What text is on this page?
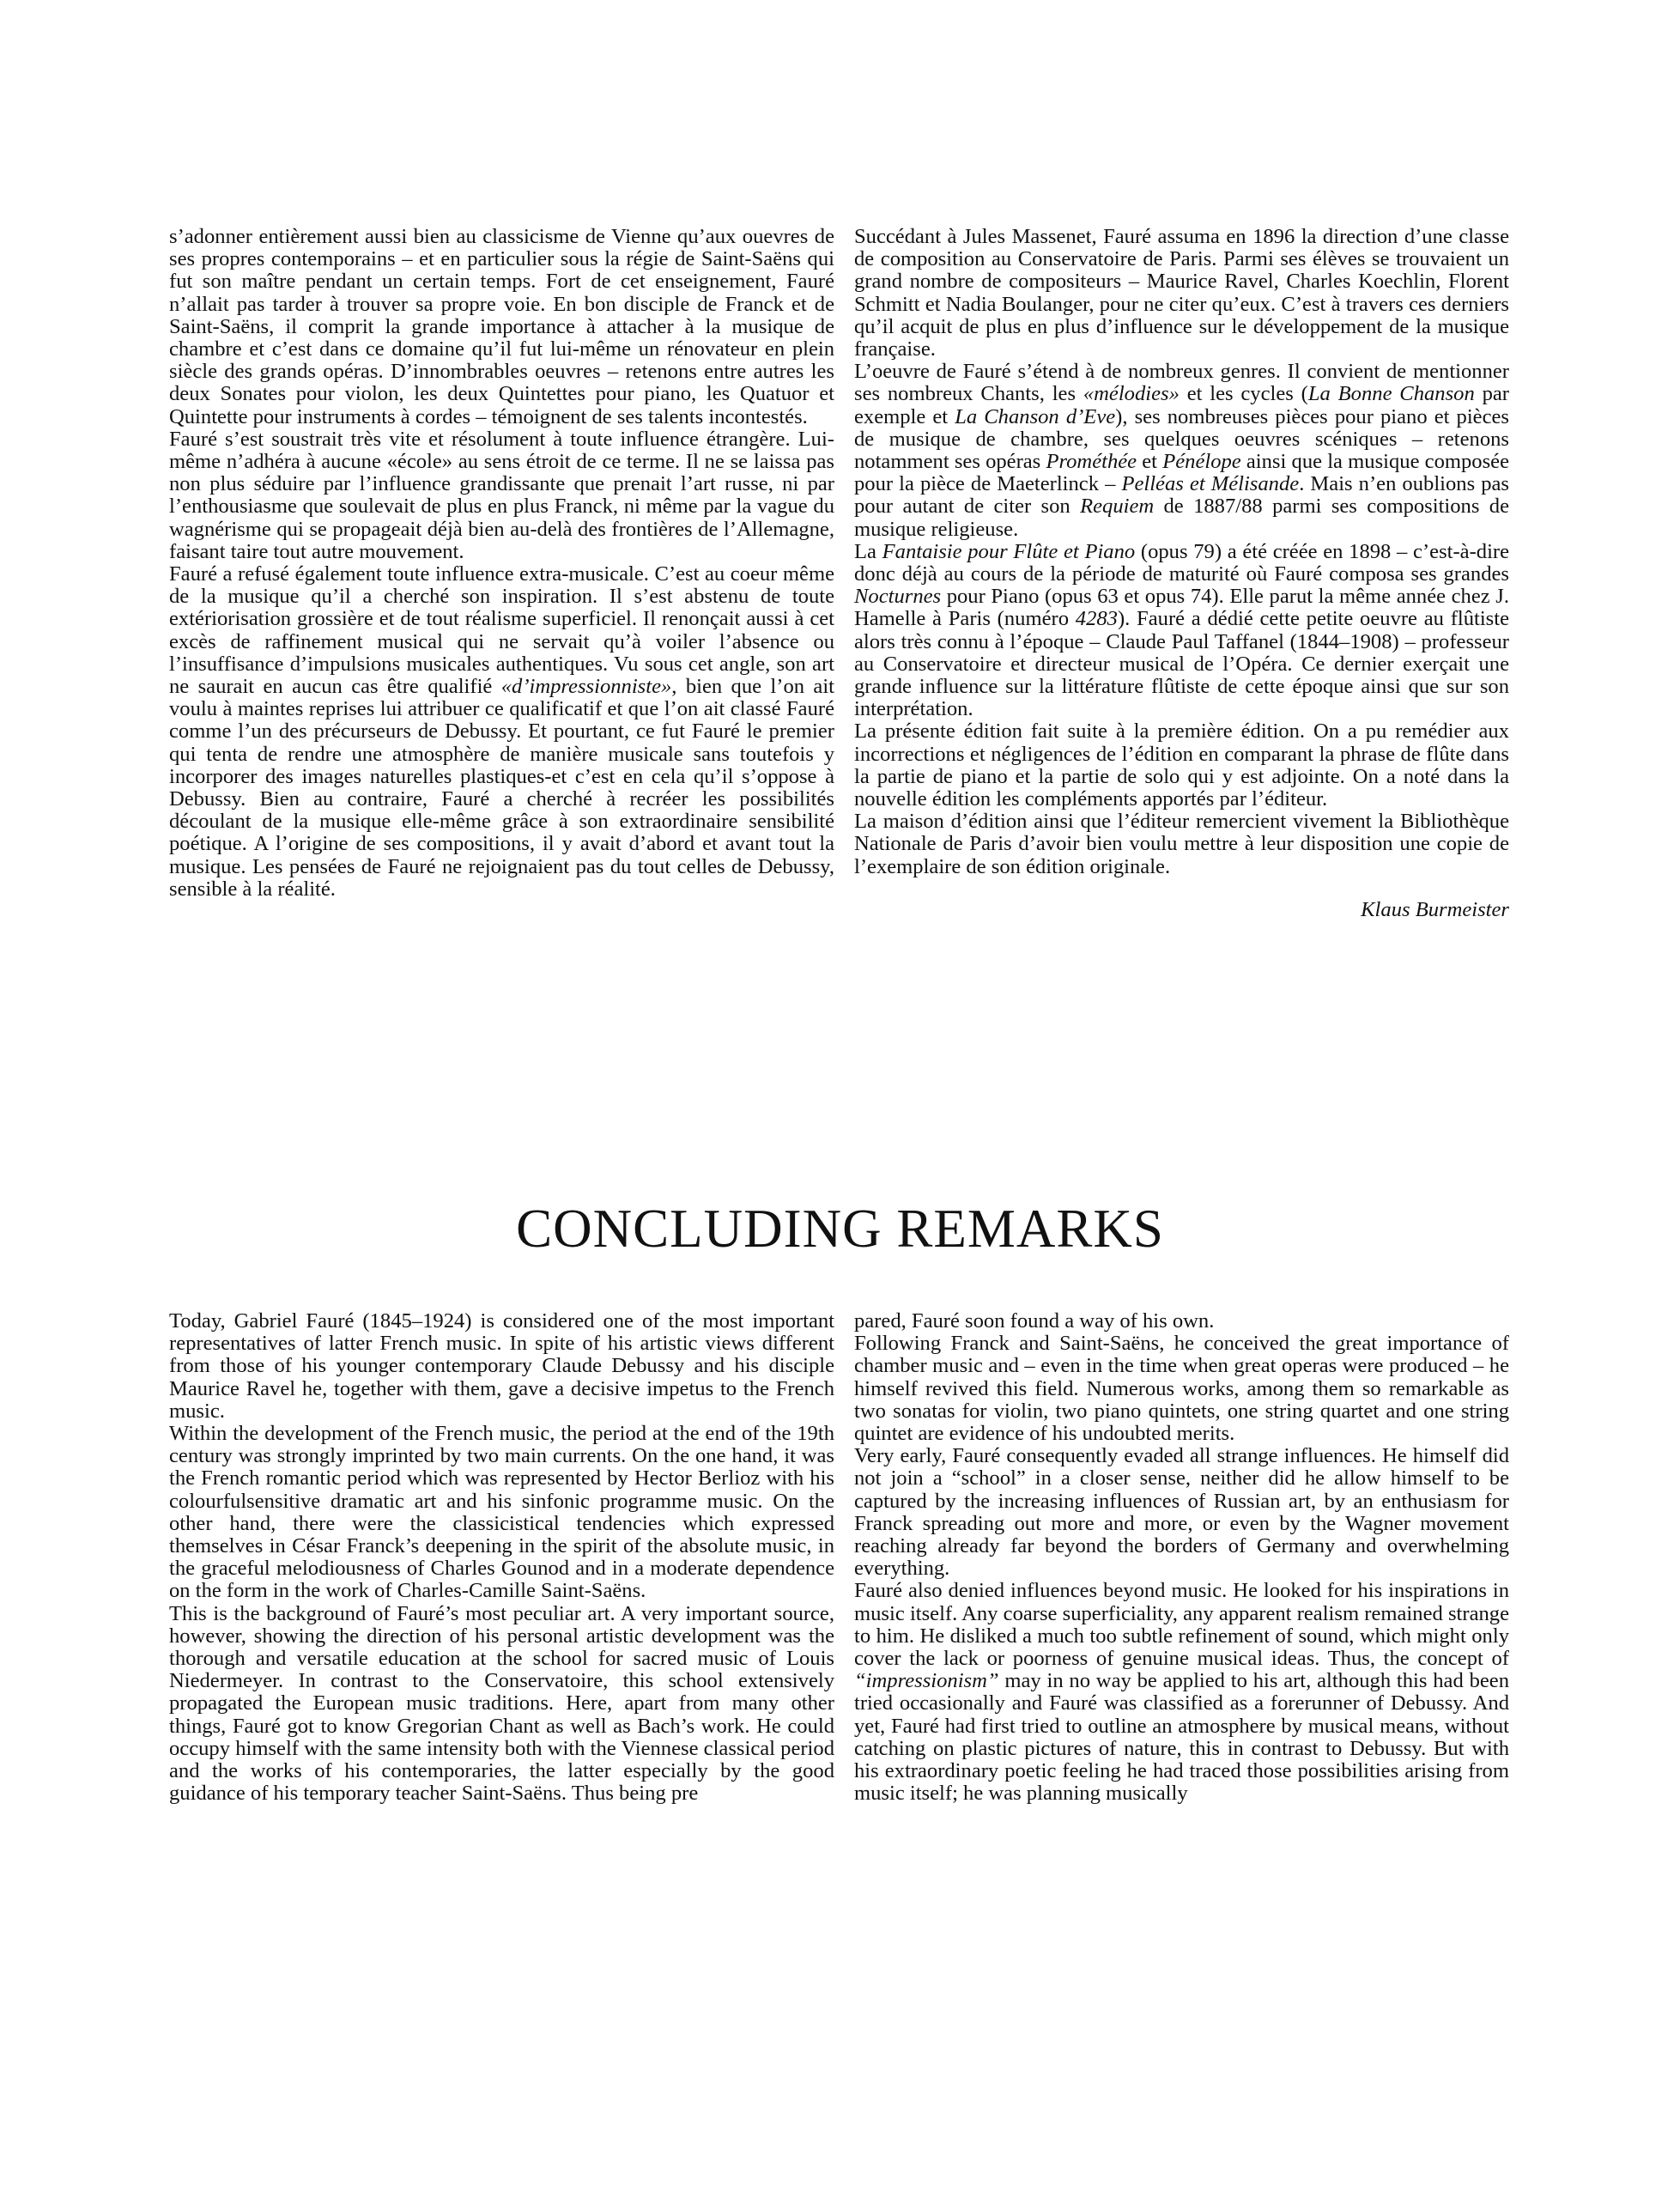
s’adonner entièrement aussi bien au classicisme de Vienne qu’aux ouevres de ses propres contemporains – et en particulier sous la régie de Saint-Saëns qui fut son maître pendant un certain temps. Fort de cet enseignement, Fauré n’allait pas tarder à trouver sa propre voie. En bon disciple de Franck et de Saint-Saëns, il comprit la grande importance à attacher à la musique de chambre et c’est dans ce domaine qu’il fut lui-même un rénovateur en plein siècle des grands opéras. D’innombrables oeuvres – retenons entre autres les deux Sonates pour violon, les deux Quintettes pour piano, les Quatuor et Quintette pour instruments à cordes – témoignent de ses talents incontestés.

Fauré s’est soustrait très vite et résolument à toute influence étrangère. Lui-même n’adhéra à aucune «école» au sens étroit de ce terme. Il ne se laissa pas non plus séduire par l’influence grandissante que prenait l’art russe, ni par l’enthousiasme que soulevait de plus en plus Franck, ni même par la vague du wagnérisme qui se propageait déjà bien au-delà des frontières de l’Allemagne, faisant taire tout autre mouvement.

Fauré a refusé également toute influence extra-musicale. C’est au coeur même de la musique qu’il a cherché son inspiration. Il s’est abstenu de toute extériorisation grossière et de tout réalisme superficiel. Il renonçait aussi à cet excès de raffinement musical qui ne servait qu’à voiler l’absence ou l’insuffisance d’impulsions musicales authentiques. Vu sous cet angle, son art ne saurait en aucun cas être qualifié «d’impressionniste», bien que l’on ait voulu à maintes reprises lui attribuer ce qualificatif et que l’on ait classé Fauré comme l’un des précurseurs de Debussy. Et pourtant, ce fut Fauré le premier qui tenta de rendre une atmosphère de manière musicale sans toutefois y incorporer des images naturelles plastiques-et c’est en cela qu’il s’oppose à Debussy. Bien au contraire, Fauré a cherché à recréer les possibilités découlant de la musique elle-même grâce à son extraordinaire sensibilité poétique. A l’origine de ses compositions, il y avait d’abord et avant tout la musique. Les pensées de Fauré ne rejoignaient pas du tout celles de Debussy, sensible à la réalité.

Succédant à Jules Massenet, Fauré assuma en 1896 la direction d’une classe de composition au Conservatoire de Paris. Parmi ses élèves se trouvaient un grand nombre de compositeurs – Maurice Ravel, Charles Koechlin, Florent Schmitt et Nadia Boulanger, pour ne citer qu’eux. C’est à travers ces derniers qu’il acquit de plus en plus d’influence sur le développement de la musique française.

L’oeuvre de Fauré s’étend à de nombreux genres. Il convient de mentionner ses nombreux Chants, les «mélodies» et les cycles (La Bonne Chanson par exemple et La Chanson d’Eve), ses nombreuses pièces pour piano et pièces de musique de chambre, ses quelques oeuvres scéniques – retenons notamment ses opéras Prométhée et Pénélope ainsi que la musique composée pour la pièce de Maeterlinck – Pelléas et Mélisande. Mais n’en oublions pas pour autant de citer son Requiem de 1887/88 parmi ses compositions de musique religieuse.

La Fantaisie pour Flûte et Piano (opus 79) a été créée en 1898 – c’est-à-dire donc déjà au cours de la période de maturité où Fauré composa ses grandes Nocturnes pour Piano (opus 63 et opus 74). Elle parut la même année chez J. Hamelle à Paris (numéro 4283). Fauré a dédié cette petite oeuvre au flûtiste alors très connu à l’époque – Claude Paul Taffanel (1844–1908) – professeur au Conservatoire et directeur musical de l’Opéra. Ce dernier exerçait une grande influence sur la littérature flûtiste de cette époque ainsi que sur son interprétation.

La présente édition fait suite à la première édition. On a pu remédier aux incorrections et négligences de l’édition en comparant la phrase de flûte dans la partie de piano et la partie de solo qui y est adjointe. On a noté dans la nouvelle édition les compléments apportés par l’éditeur.

La maison d’édition ainsi que l’éditeur remercient vivement la Bibliothèque Nationale de Paris d’avoir bien voulu mettre à leur disposition une copie de l’exemplaire de son édition originale.

Klaus Burmeister

CONCLUDING REMARKS

Today, Gabriel Fauré (1845–1924) is considered one of the most important representatives of latter French music. In spite of his artistic views different from those of his younger contemporary Claude Debussy and his disciple Maurice Ravel he, together with them, gave a decisive impetus to the French music.

Within the development of the French music, the period at the end of the 19th century was strongly imprinted by two main currents. On the one hand, it was the French romantic period which was represented by Hector Berlioz with his colourfulsensitive dramatic art and his sinfonic programme music. On the other hand, there were the classicistical tendencies which expressed themselves in César Franck’s deepening in the spirit of the absolute music, in the graceful melodiousness of Charles Gounod and in a moderate dependence on the form in the work of Charles-Camille Saint-Saëns.

This is the background of Fauré’s most peculiar art. A very important source, however, showing the direction of his personal artistic development was the thorough and versatile education at the school for sacred music of Louis Niedermeyer. In contrast to the Conservatoire, this school extensively propagated the European music traditions. Here, apart from many other things, Fauré got to know Gregorian Chant as well as Bach’s work. He could occupy himself with the same intensity both with the Viennese classical period and the works of his contemporaries, the latter especially by the good guidance of his temporary teacher Saint-Saëns. Thus being pre

pared, Fauré soon found a way of his own.

Following Franck and Saint-Saëns, he conceived the great importance of chamber music and – even in the time when great operas were produced – he himself revived this field. Numerous works, among them so remarkable as two sonatas for violin, two piano quintets, one string quartet and one string quintet are evidence of his undoubted merits.

Very early, Fauré consequently evaded all strange influences. He himself did not join a “school” in a closer sense, neither did he allow himself to be captured by the increasing influences of Russian art, by an enthusiasm for Franck spreading out more and more, or even by the Wagner movement reaching already far beyond the borders of Germany and overwhelming everything.

Fauré also denied influences beyond music. He looked for his inspirations in music itself. Any coarse superficiality, any apparent realism remained strange to him. He disliked a much too subtle refinement of sound, which might only cover the lack or poorness of genuine musical ideas. Thus, the concept of “impressionism” may in no way be applied to his art, although this had been tried occasionally and Fauré was classified as a forerunner of Debussy. And yet, Fauré had first tried to outline an atmosphere by musical means, without catching on plastic pictures of nature, this in contrast to Debussy. But with his extraordinary poetic feeling he had traced those possibilities arising from music itself; he was planning musically
